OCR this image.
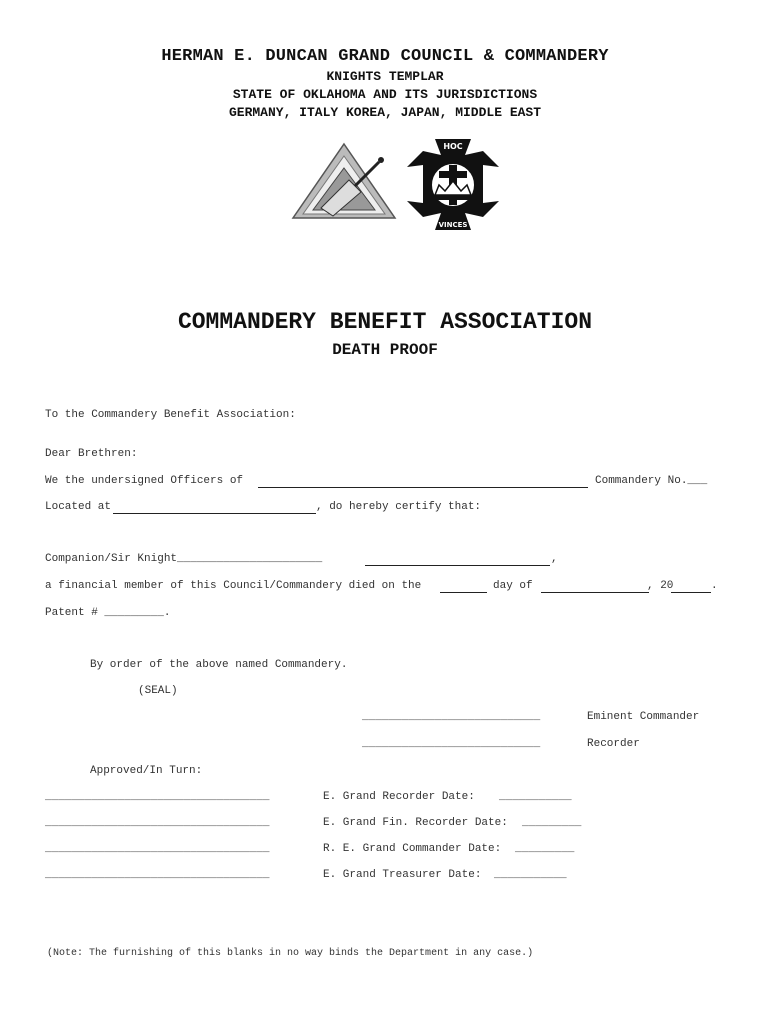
HERMAN E. DUNCAN GRAND COUNCIL & COMMANDERY
KNIGHTS TEMPLAR
STATE OF OKLAHOMA AND ITS JURISDICTIONS
GERMANY, ITALY KOREA, JAPAN, MIDDLE EAST
HOC
VINCES
IN	SIGNO
COMMANDERY BENEFIT ASSOCIATION
DEATH PROOF
To the Commandery Benefit Association:
Dear Brethren:
We the undersigned Officers of	Commandery No.___
Located at	, do hereby certify that:
Companion/Sir Knight______________________	,
a financial member of this Council/Commandery died on the	day of	, 20	.
Patent # _________.
By order of the above named Commandery.
(SEAL)
___________________________	Eminent Commander
___________________________	Recorder
Approved/In Turn:
__________________________________	E. Grand Recorder Date: ___________
__________________________________	E. Grand Fin. Recorder Date: _________
__________________________________	R. E. Grand Commander Date: _________
__________________________________	E. Grand Treasurer Date: ___________
(Note: The furnishing of this blanks in no way binds the Department in any case.)
